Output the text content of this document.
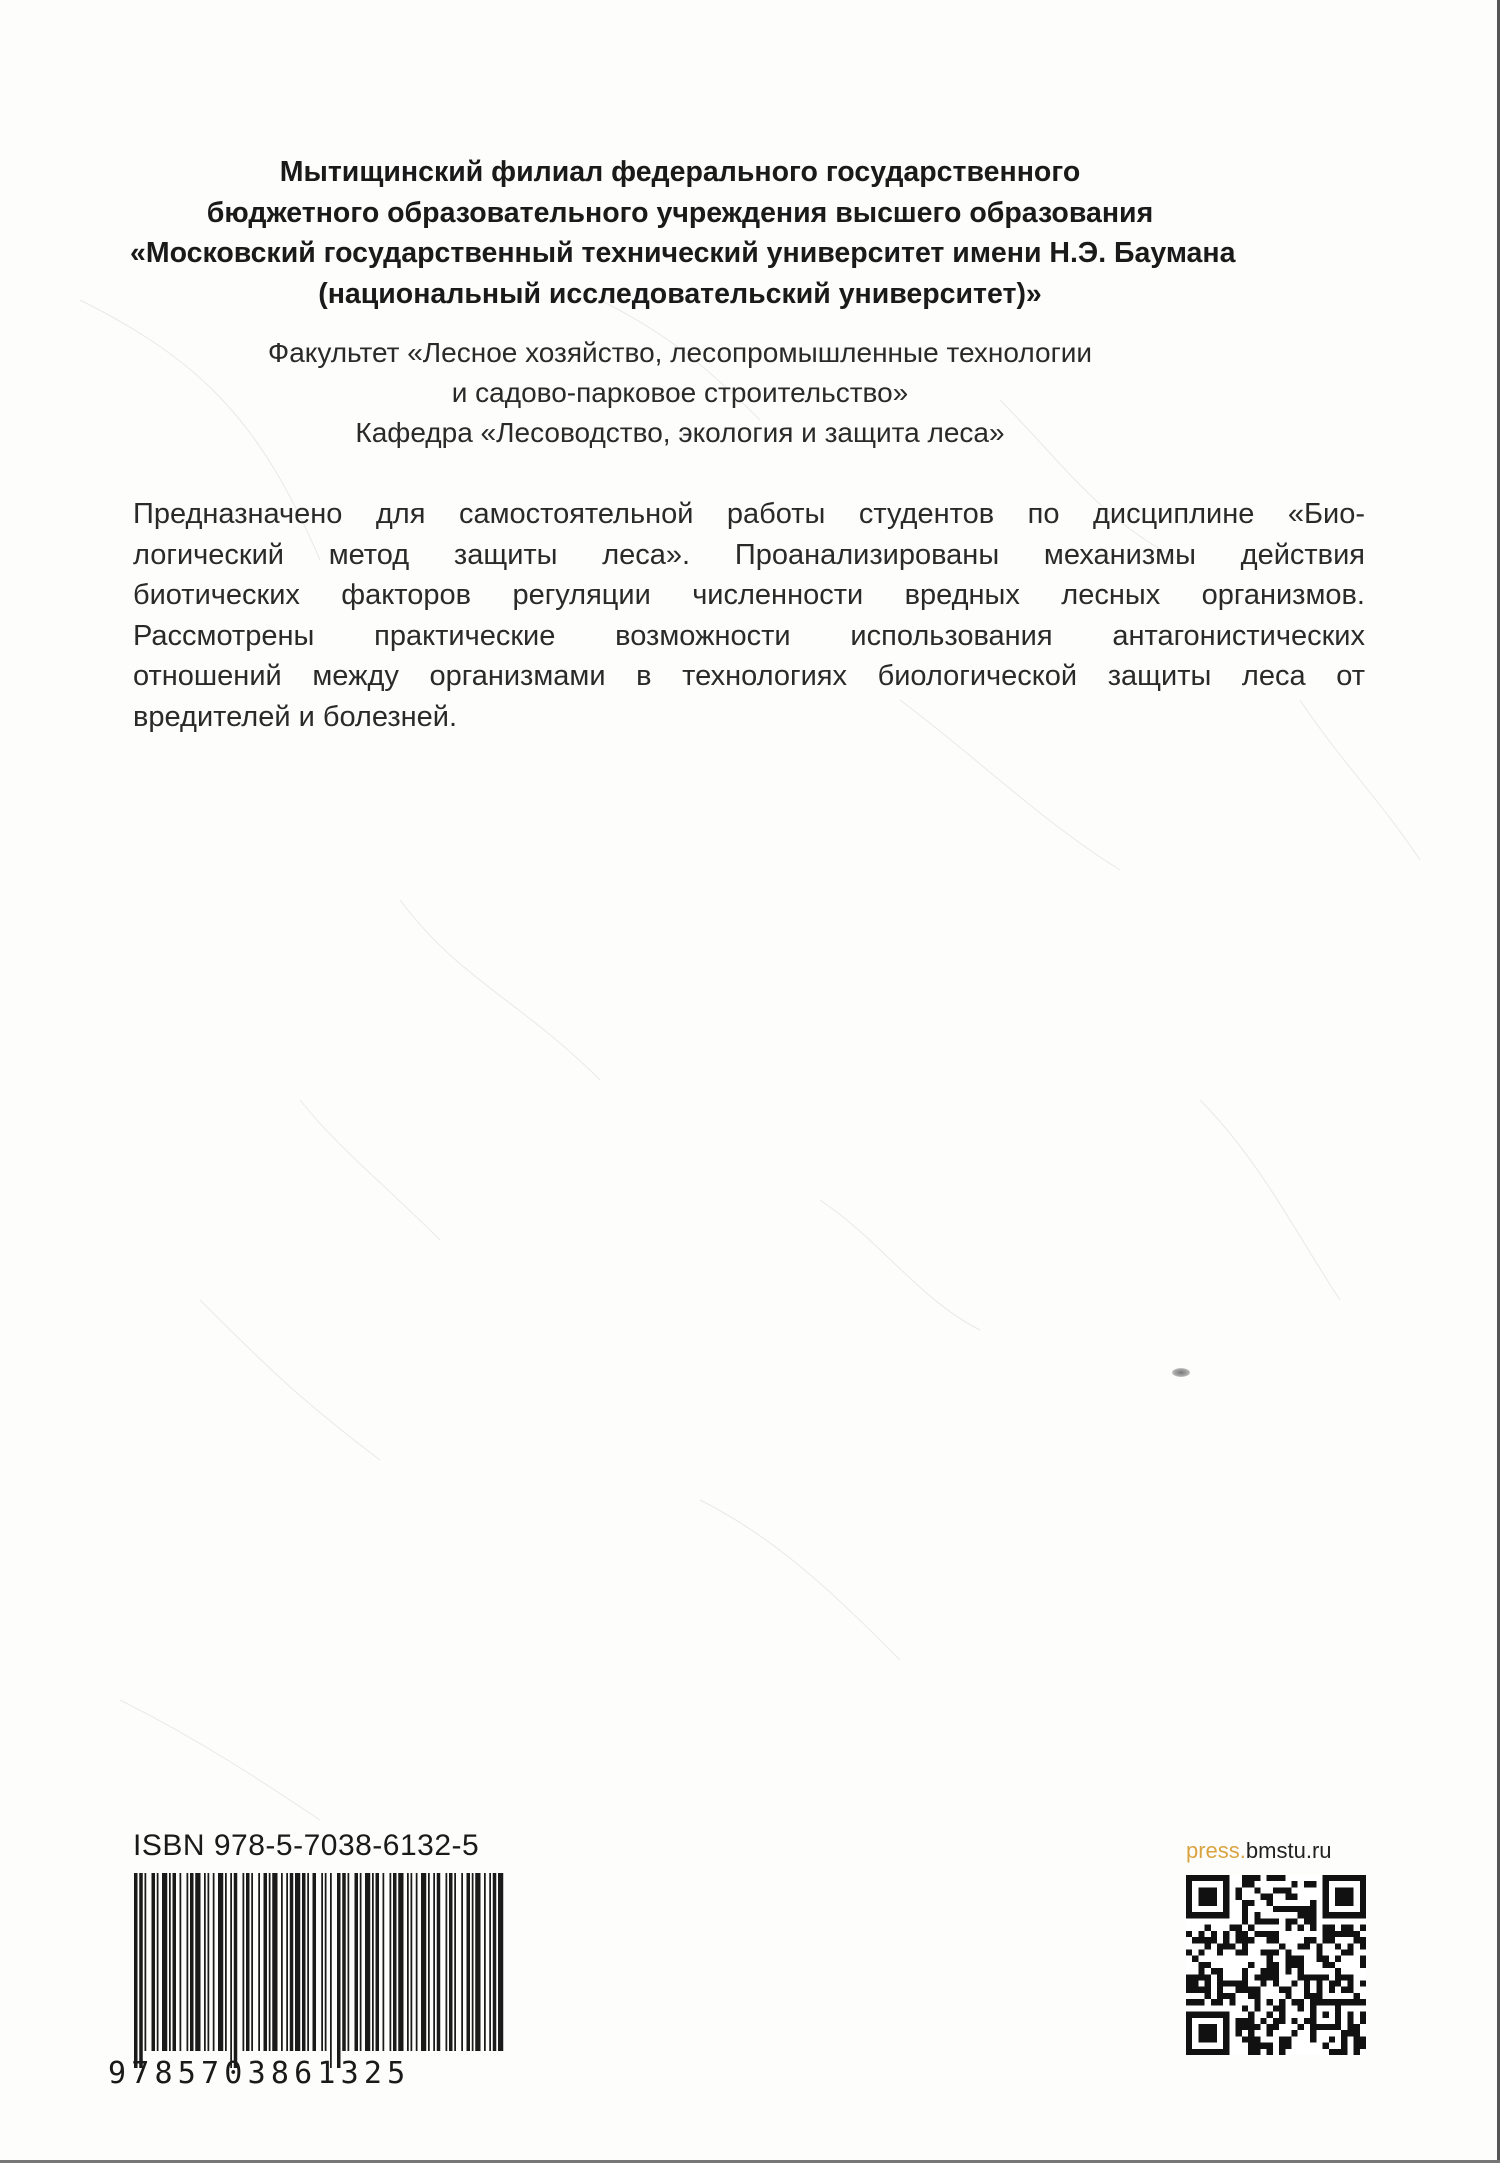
Мытищинский филиал федерального государственного
бюджетного образовательного учреждения высшего образования
«Московский государственный технический университет имени Н.Э. Баумана
(национальный исследовательский университет)»
Факультет «Лесное хозяйство, лесопромышленные технологии
и садово-парковое строительство»
Кафедра «Лесоводство, экология и защита леса»
Предназначено для самостоятельной работы студентов по дисциплине «Био-
логический метод защиты леса». Проанализированы механизмы действия
биотических факторов регуляции численности вредных лесных организмов.
Рассмотрены практические возможности использования антагонистических
отношений между организмами в технологиях биологической защиты леса от
вредителей и болезней.
ISBN 978-5-7038-6132-5
9785703861325
press.bmstu.ru
